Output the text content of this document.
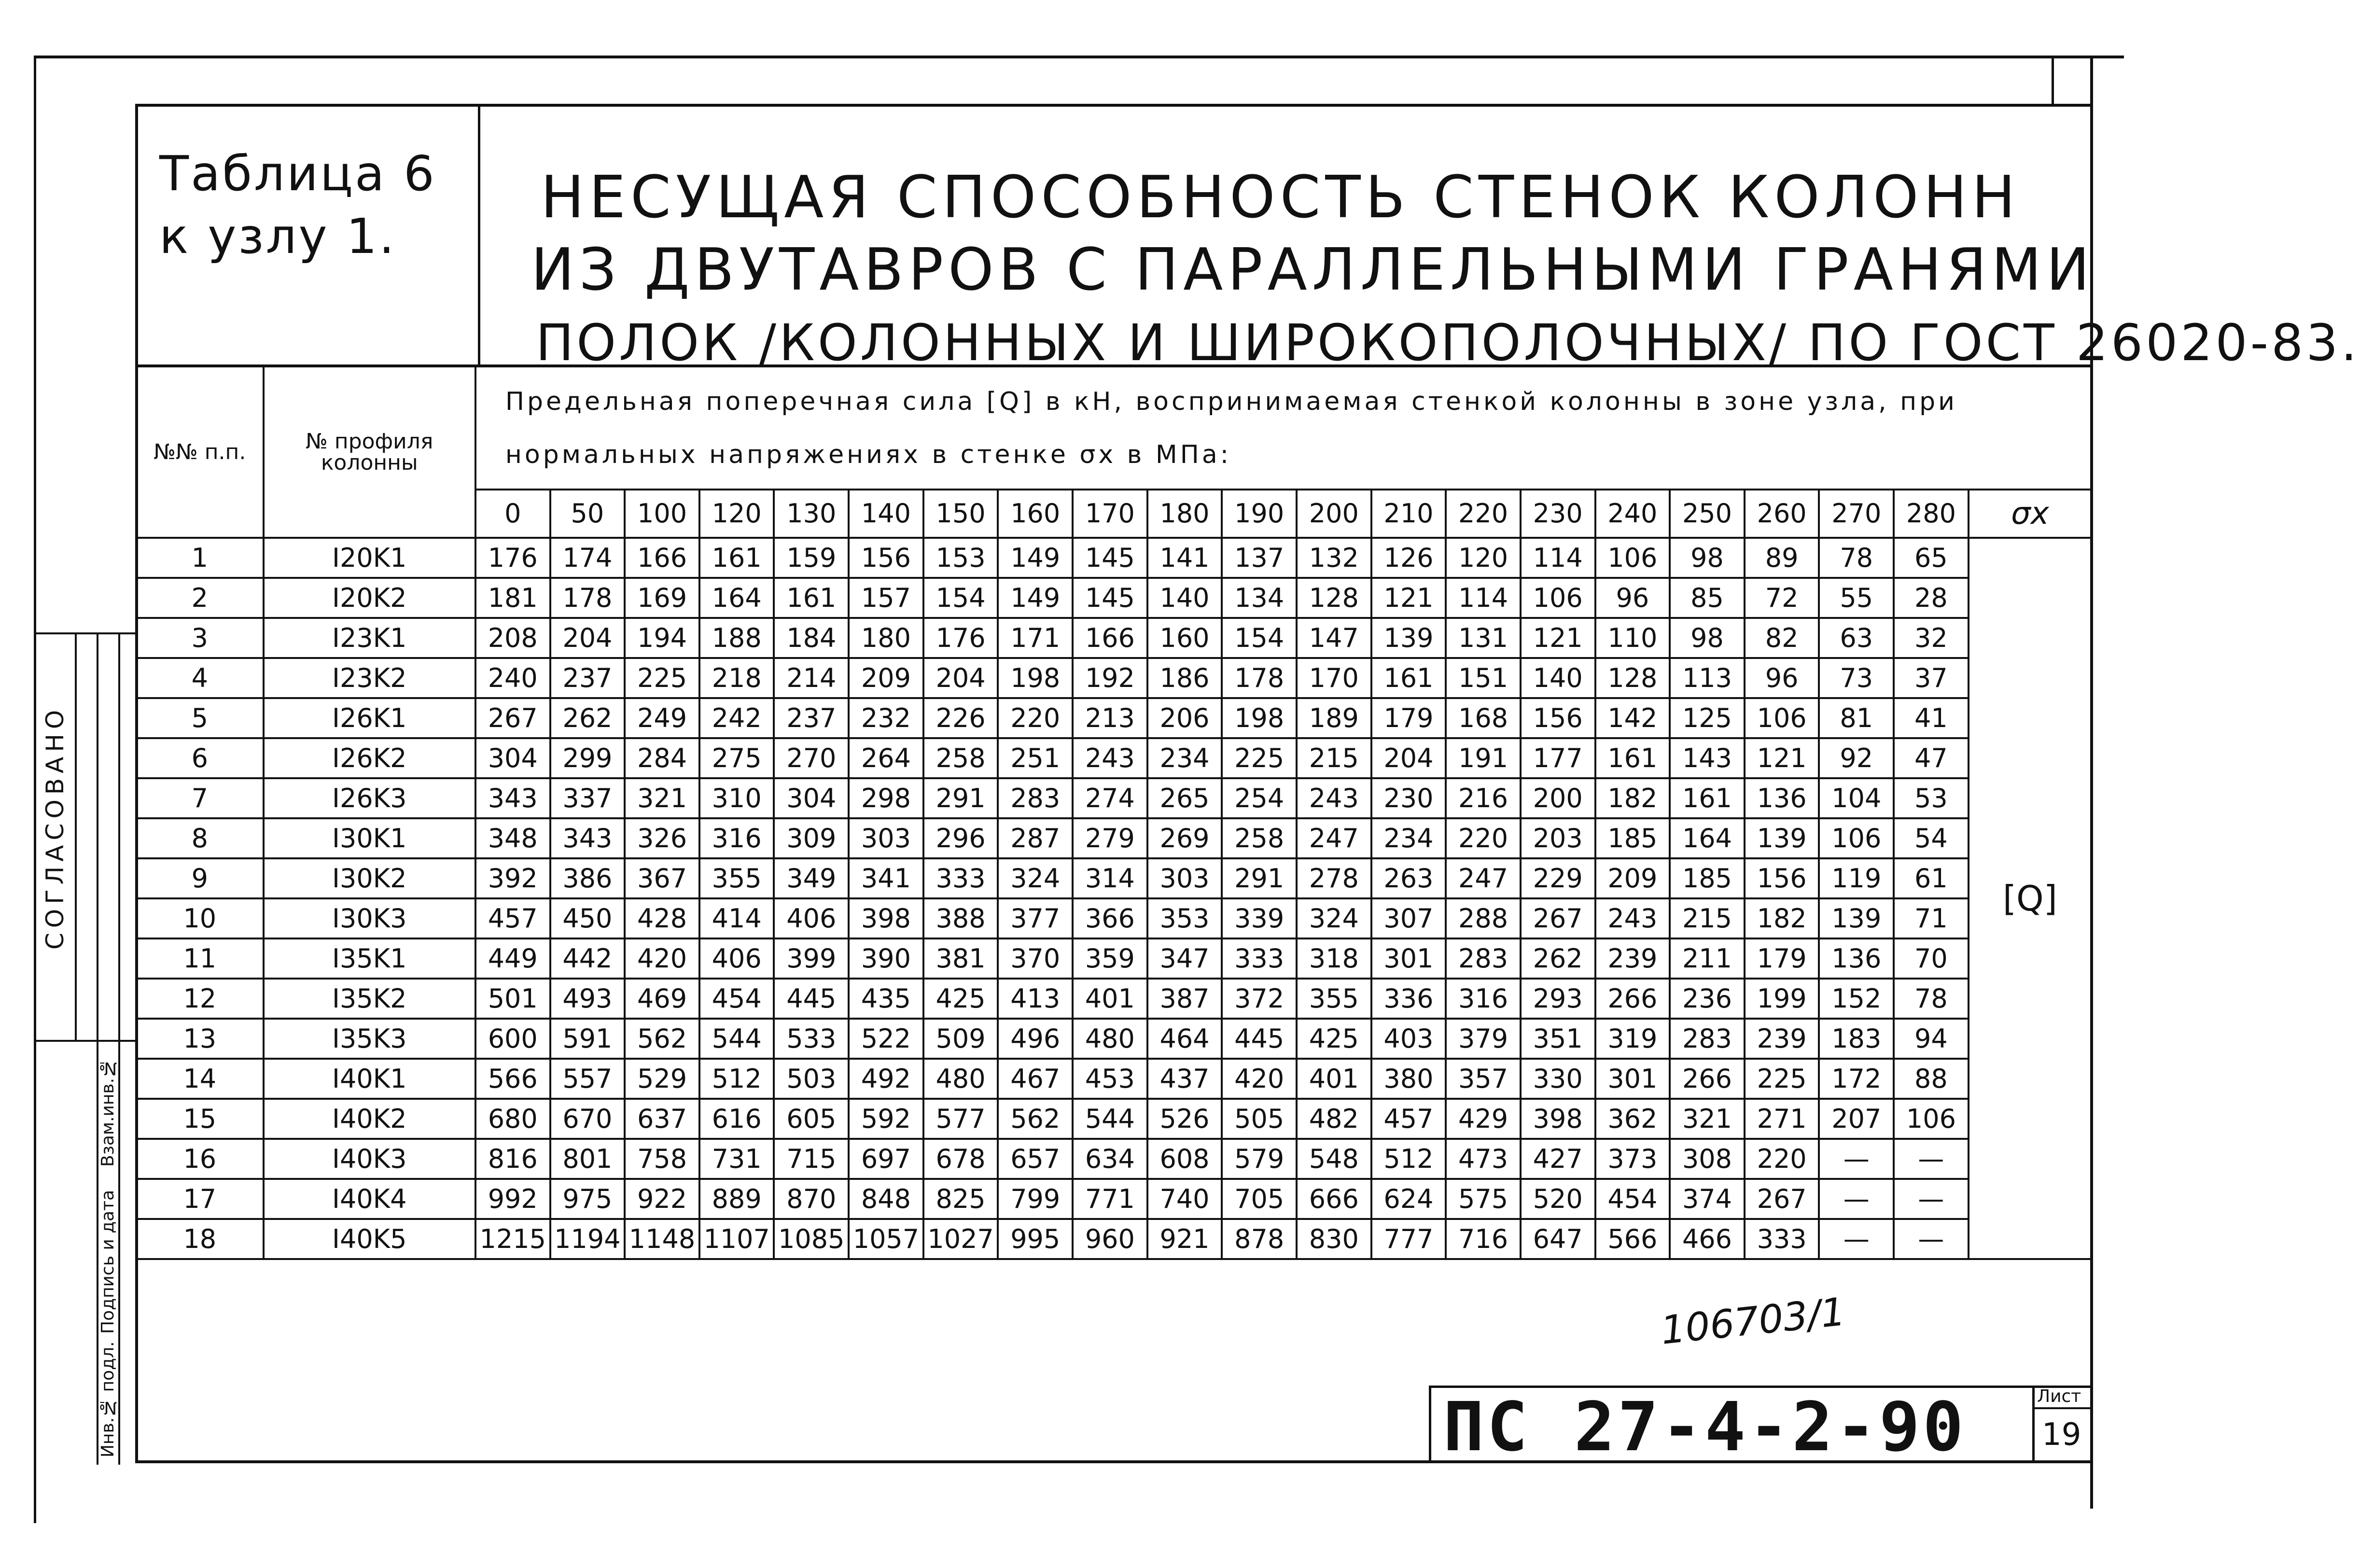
Таблица 6
к узлу 1.
НЕСУЩАЯ СПОСОБНОСТЬ СТЕНОК КОЛОНН
ИЗ ДВУТАВРОВ С ПАРАЛЛЕЛЬНЫМИ ГРАНЯМИ
ПОЛОК /КОЛОННЫХ И ШИРОКОПОЛОЧНЫХ/ ПО ГОСТ 26020-83.
СОГЛАСОВАНО
Взам.инв.№
Подпись и дата
Инв.№ подл.
№№ п.п.	№ профиля колонны	Предельная поперечная сила [Q] в кН, воспринимаемая стенкой колонны в зоне узла, при нормальных напряжениях в стенке σx в МПа:																				
		0	50	100	120	130	140	150	160	170	180	190	200	210	220	230	240	250	260	270	280	σx
1	I20K1	176	174	166	161	159	156	153	149	145	141	137	132	126	120	114	106	98	89	78	65	[Q]
2	I20K2	181	178	169	164	161	157	154	149	145	140	134	128	121	114	106	96	85	72	55	28	
3	I23K1	208	204	194	188	184	180	176	171	166	160	154	147	139	131	121	110	98	82	63	32	
4	I23K2	240	237	225	218	214	209	204	198	192	186	178	170	161	151	140	128	113	96	73	37	
5	I26K1	267	262	249	242	237	232	226	220	213	206	198	189	179	168	156	142	125	106	81	41	
6	I26K2	304	299	284	275	270	264	258	251	243	234	225	215	204	191	177	161	143	121	92	47	
7	I26K3	343	337	321	310	304	298	291	283	274	265	254	243	230	216	200	182	161	136	104	53	
8	I30K1	348	343	326	316	309	303	296	287	279	269	258	247	234	220	203	185	164	139	106	54	
9	I30K2	392	386	367	355	349	341	333	324	314	303	291	278	263	247	229	209	185	156	119	61	
10	I30K3	457	450	428	414	406	398	388	377	366	353	339	324	307	288	267	243	215	182	139	71	
11	I35K1	449	442	420	406	399	390	381	370	359	347	333	318	301	283	262	239	211	179	136	70	
12	I35K2	501	493	469	454	445	435	425	413	401	387	372	355	336	316	293	266	236	199	152	78	
13	I35K3	600	591	562	544	533	522	509	496	480	464	445	425	403	379	351	319	283	239	183	94	
14	I40K1	566	557	529	512	503	492	480	467	453	437	420	401	380	357	330	301	266	225	172	88	
15	I40K2	680	670	637	616	605	592	577	562	544	526	505	482	457	429	398	362	321	271	207	106	
16	I40K3	816	801	758	731	715	697	678	657	634	608	579	548	512	473	427	373	308	220	—	—	
17	I40K4	992	975	922	889	870	848	825	799	771	740	705	666	624	575	520	454	374	267	—	—	
18	I40K5	1215	1194	1148	1107	1085	1057	1027	995	960	921	878	830	777	716	647	566	466	333	—	—	
106703/1
ПС 27-4-2-90	Лист
19
